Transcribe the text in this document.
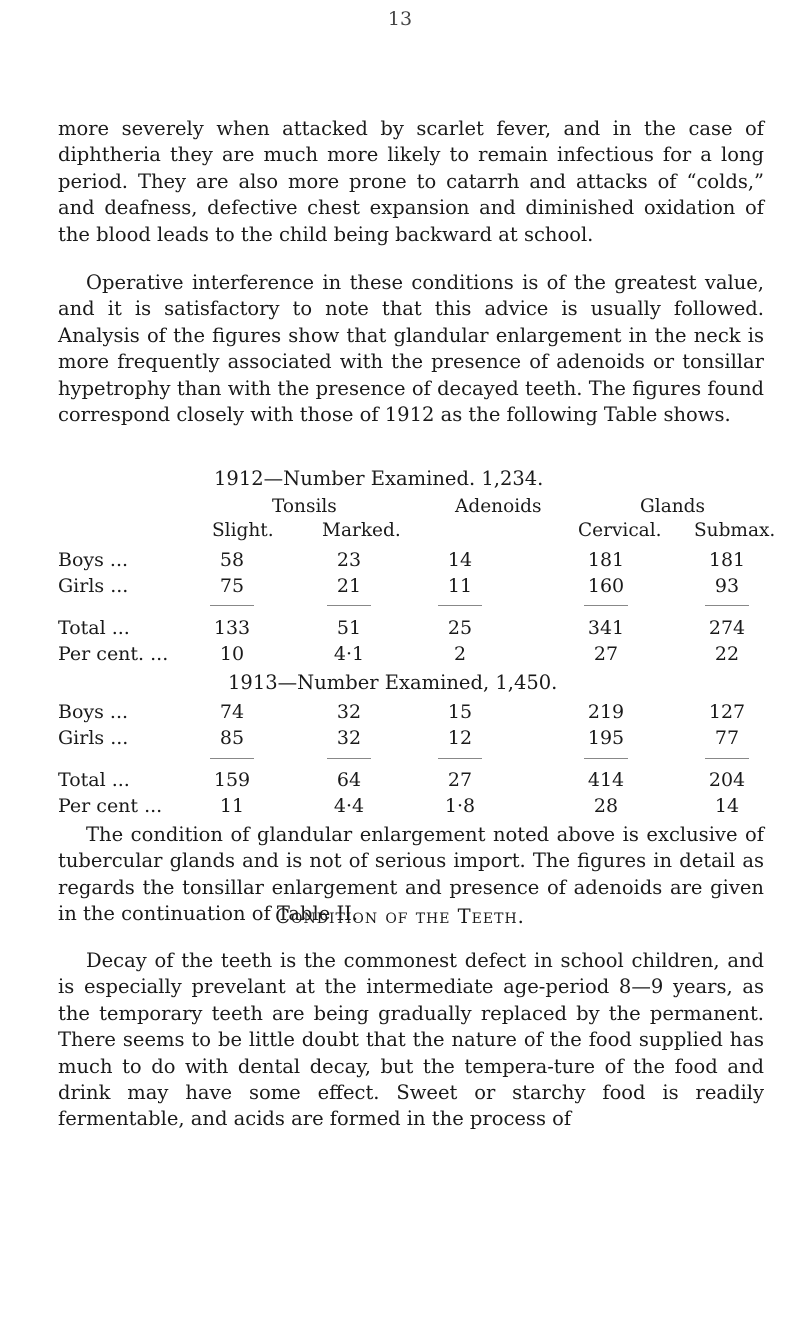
13

more severely when attacked by scarlet fever, and in the case of diphtheria they are much more likely to remain infectious for a long period. They are also more prone to catarrh and attacks of “colds,” and deafness, defective chest expansion and diminished oxidation of the blood leads to the child being backward at school.

Operative interference in these conditions is of the greatest value, and it is satisfactory to note that this advice is usually followed. Analysis of the figures show that glandular enlargement in the neck is more frequently associated with the presence of adenoids or tonsillar hypetrophy than with the presence of decayed teeth. The figures found correspond closely with those of 1912 as the following Table shows.

1912—Number Examined. 1,234.
Tonsils	Adenoids	Glands
Slight.	Marked.	Cervical. Submax.
Boys ...	58	23	14	181	181
Girls ...	75	21	11	160	93
Total ...	133	51	25	341	274
Per cent. ...	10	4·1	2	27	22
1913—Number Examined, 1,450.
Boys ...	74	32	15	219	127
Girls ...	85	32	12	195	77
Total ...	159	64	27	414	204
Per cent ...	11	4·4	1·8	28	14

The condition of glandular enlargement noted above is exclusive of tubercular glands and is not of serious import. The figures in detail as regards the tonsillar enlargement and presence of adenoids are given in the continuation of Table II.

Condition of the Teeth.

Decay of the teeth is the commonest defect in school children, and is especially prevelant at the intermediate age-period 8—9 years, as the temporary teeth are being gradually replaced by the permanent. There seems to be little doubt that the nature of the food supplied has much to do with dental decay, but the tempera-ture of the food and drink may have some effect. Sweet or starchy food is readily fermentable, and acids are formed in the process of
